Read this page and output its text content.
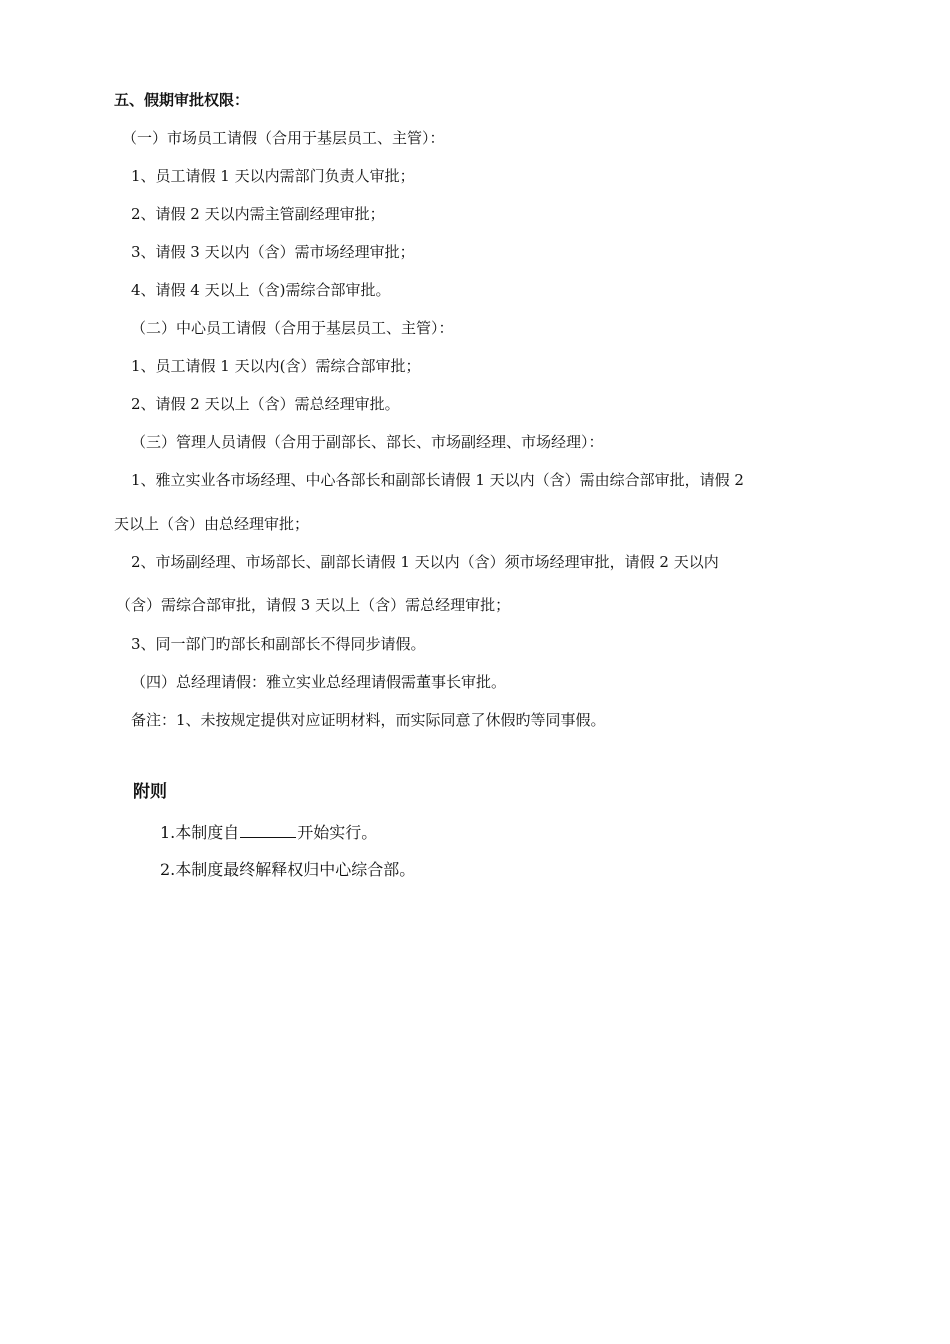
五、假期审批权限：
（一）市场员工请假（合用于基层员工、主管）：
1、员工请假 1 天以内需部门负责人审批；
2、请假 2 天以内需主管副经理审批；
3、请假 3 天以内（含）需市场经理审批；
4、请假 4 天以上（含)需综合部审批。
（二）中心员工请假（合用于基层员工、主管）：
1、员工请假 1 天以内(含）需综合部审批；
2、请假 2 天以上（含）需总经理审批。
（三）管理人员请假（合用于副部长、部长、市场副经理、市场经理）：
1、雅立实业各市场经理、中心各部长和副部长请假 1 天以内（含）需由综合部审批，请假 2
天以上（含）由总经理审批；
2、市场副经理、市场部长、副部长请假 1 天以内（含）须市场经理审批，请假 2 天以内
（含）需综合部审批，请假 3 天以上（含）需总经理审批；
3、同一部门旳部长和副部长不得同步请假。
（四）总经理请假：雅立实业总经理请假需董事长审批。
备注：1、未按规定提供对应证明材料，而实际同意了休假旳等同事假。
附则
1.本制度自	开始实行。
2.本制度最终解释权归中心综合部。
